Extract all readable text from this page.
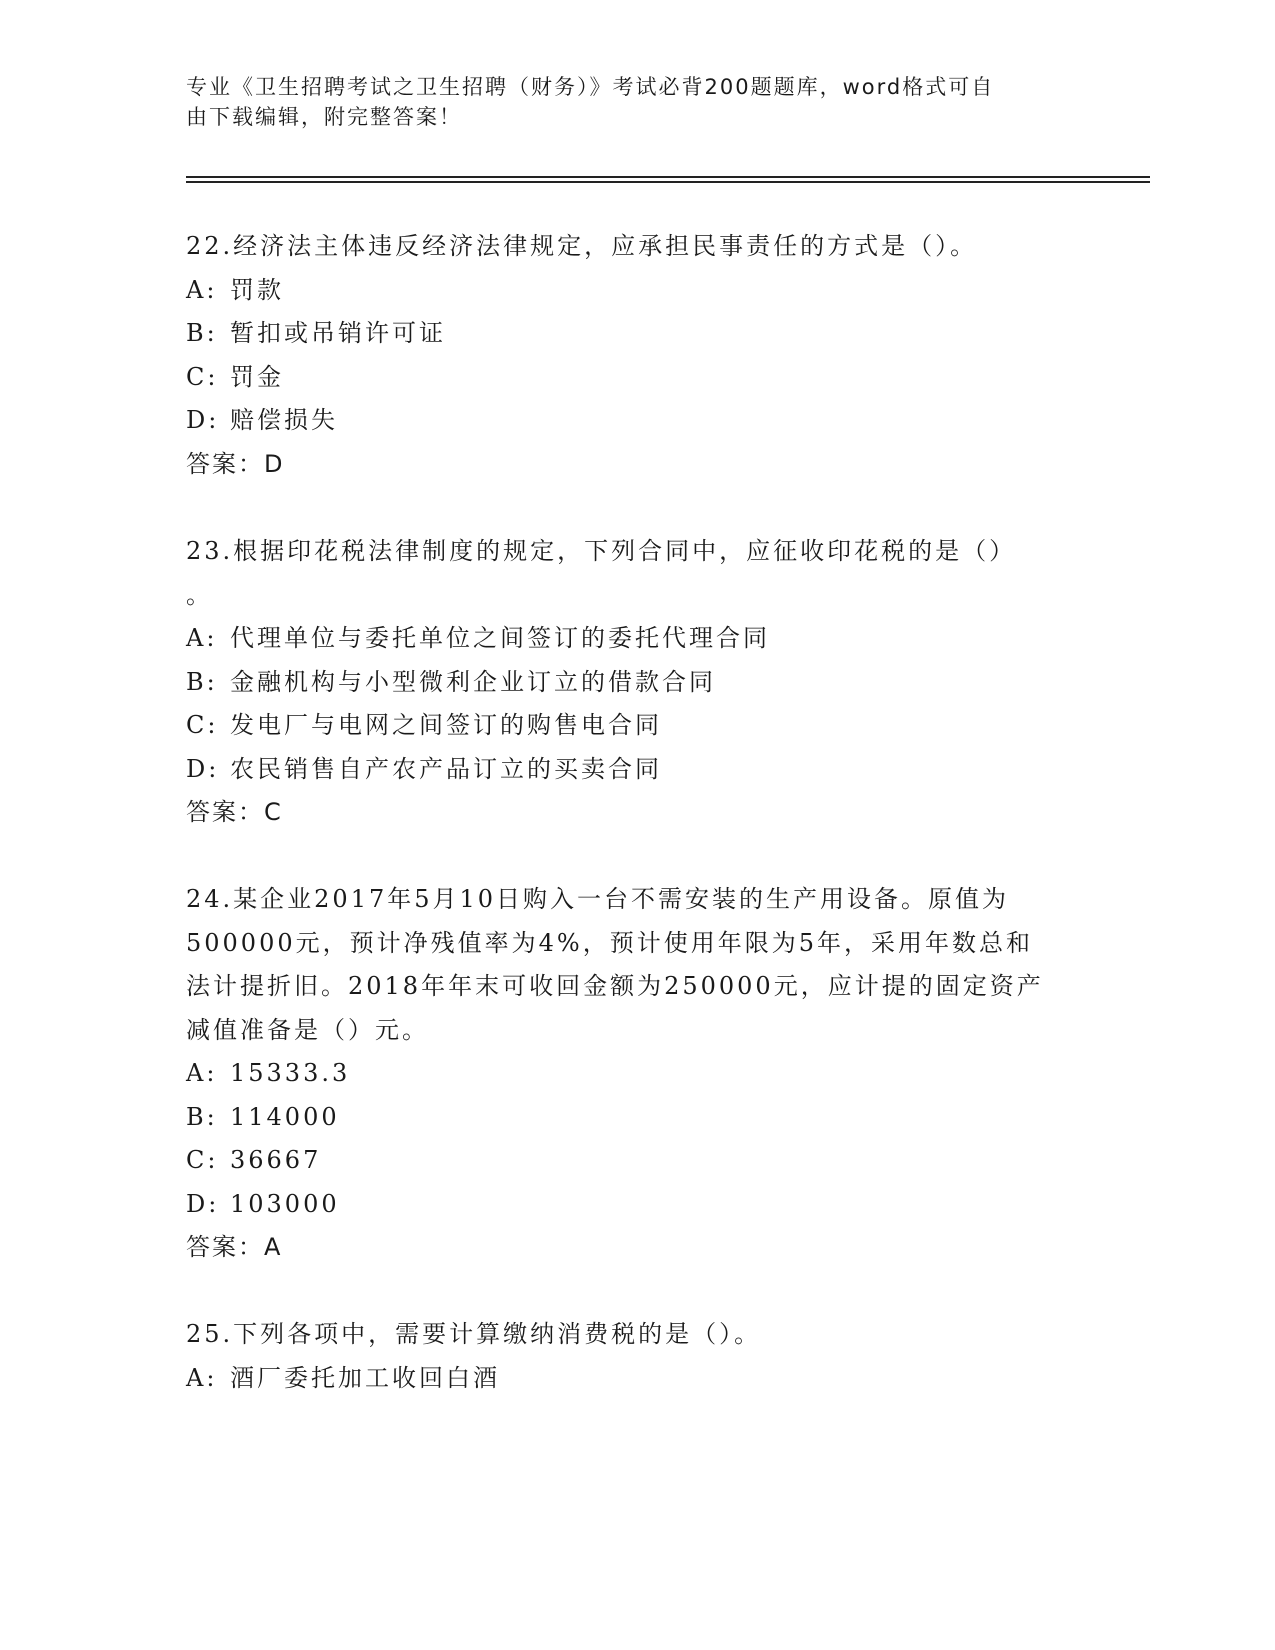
专业《卫生招聘考试之卫生招聘（财务）》考试必背200题题库，word格式可自
由下载编辑，附完整答案！
22.经济法主体违反经济法律规定，应承担民事责任的方式是（）。
A: 罚款
B: 暂扣或吊销许可证
C: 罚金
D: 赔偿损失
答案：D
23.根据印花税法律制度的规定，下列合同中，应征收印花税的是（）
。
A: 代理单位与委托单位之间签订的委托代理合同
B: 金融机构与小型微利企业订立的借款合同
C: 发电厂与电网之间签订的购售电合同
D: 农民销售自产农产品订立的买卖合同
答案：C
24.某企业2017年5月10日购入一台不需安装的生产用设备。原值为
500000元，预计净残值率为4%，预计使用年限为5年，采用年数总和
法计提折旧。2018年年末可收回金额为250000元，应计提的固定资产
减值准备是（）元。
A: 15333.3
B: 114000
C: 36667
D: 103000
答案：A
25.下列各项中，需要计算缴纳消费税的是（）。
A: 酒厂委托加工收回白酒
